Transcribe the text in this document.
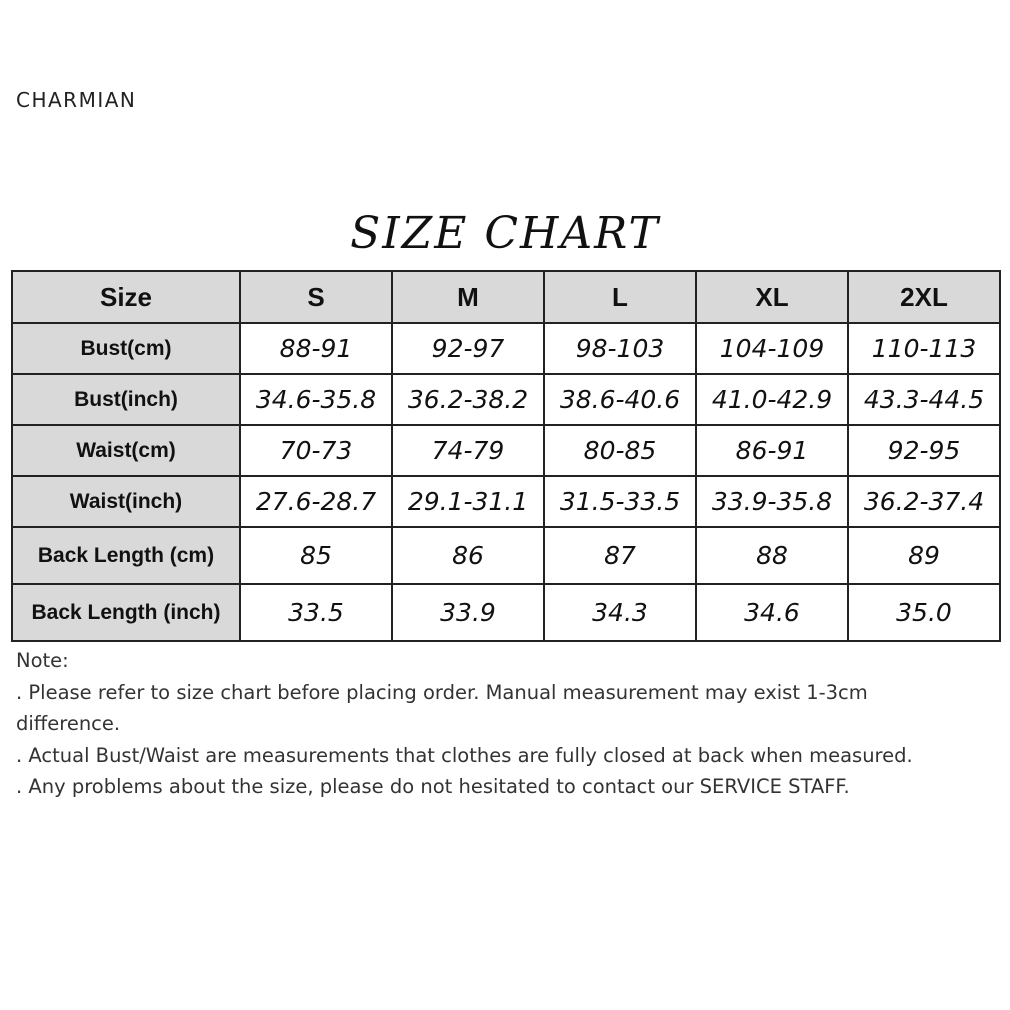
CHARMIAN
SIZE CHART
Size	S	M	L	XL	2XL
Bust(cm)	88-91	92-97	98-103	104-109	110-113
Bust(inch)	34.6-35.8	36.2-38.2	38.6-40.6	41.0-42.9	43.3-44.5
Waist(cm)	70-73	74-79	80-85	86-91	92-95
Waist(inch)	27.6-28.7	29.1-31.1	31.5-33.5	33.9-35.8	36.2-37.4
Back Length (cm)	85	86	87	88	89
Back Length (inch)	33.5	33.9	34.3	34.6	35.0
Note:
. Please refer to size chart before placing order. Manual measurement may exist 1-3cm
difference.
. Actual Bust/Waist are measurements that clothes are fully closed at back when measured.
. Any problems about the size, please do not hesitated to contact our SERVICE STAFF.
